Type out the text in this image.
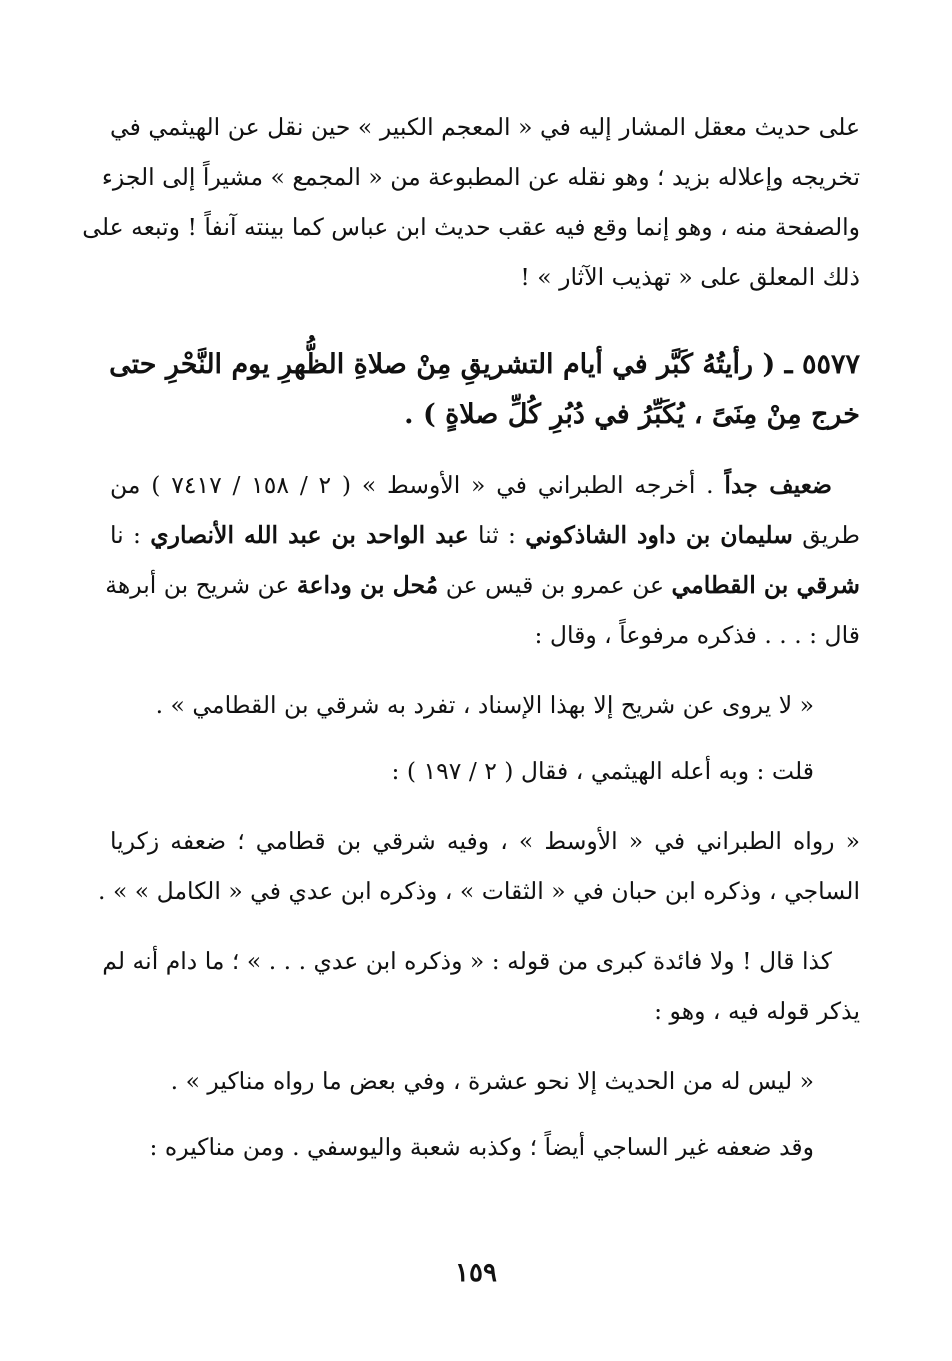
على حديث معقل المشار إليه في « المعجم الكبير » حين نقل عن الهيثمي في
تخريجه وإعلاله بزيد ؛ وهو نقله عن المطبوعة من « المجمع » مشيراً إلى الجزء
والصفحة منه ، وهو إنما وقع فيه عقب حديث ابن عباس كما بينته آنفاً ! وتبعه على
ذلك المعلق على « تهذيب الآثار » !
٥٥٧٧ ـ ( رأيتُهُ كَبَّر في أيام التشريقِ مِنْ صلاةِ الظُّهرِ يوم النَّحْرِ حتى
خرج مِنْ مِنَىً ، يُكَبِّرُ في دُبُرِ كُلِّ صلاةٍ ) .
ضعيف جداً . أخرجه الطبراني في « الأوسط » ( ٢ / ١٥٨ / ٧٤١٧ ) من
طريق سليمان بن داود الشاذكوني : ثنا عبد الواحد بن عبد الله الأنصاري : نا
شرقي بن القطامي عن عمرو بن قيس عن مُحل بن وداعة عن شريح بن أبرهة
قال : . . . فذكره مرفوعاً ، وقال :
« لا يروى عن شريح إلا بهذا الإسناد ، تفرد به شرقي بن القطامي » .
قلت : وبه أعله الهيثمي ، فقال ( ٢ / ١٩٧ ) :
« رواه الطبراني في « الأوسط » ، وفيه شرقي بن قطامي ؛ ضعفه زكريا
الساجي ، وذكره ابن حبان في « الثقات » ، وذكره ابن عدي في « الكامل » » .
كذا قال ! ولا فائدة كبرى من قوله : « وذكره ابن عدي . . . » ؛ ما دام أنه لم
يذكر قوله فيه ، وهو :
« ليس له من الحديث إلا نحو عشرة ، وفي بعض ما رواه مناكير » .
وقد ضعفه غير الساجي أيضاً ؛ وكذبه شعبة واليوسفي . ومن مناكيره :
١٥٩
